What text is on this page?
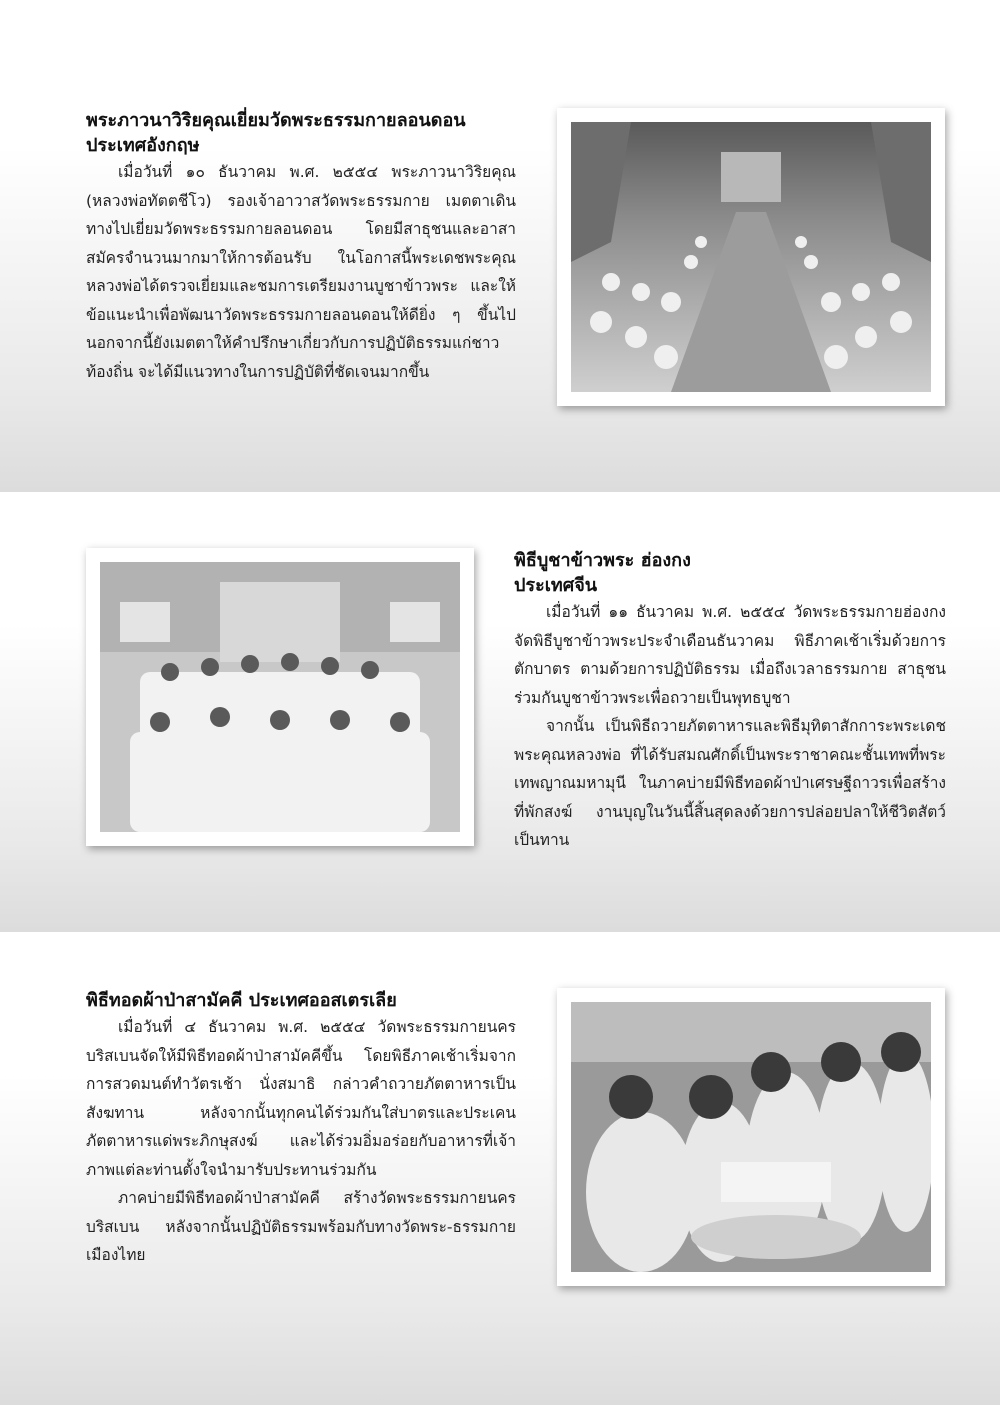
พระภาวนาวิริยคุณเยี่ยมวัดพระธรรมกายลอนดอน
ประเทศอังกฤษ

เมื่อวันที่ ๑๐ ธันวาคม พ.ศ. ๒๕๕๔ พระภาวนาวิริยคุณ (หลวงพ่อทัตตชีโว) รองเจ้าอาวาสวัดพระธรรมกาย เมตตาเดินทางไปเยี่ยมวัดพระธรรมกายลอนดอน โดยมีสาธุชนและอาสาสมัครจำนวนมากมาให้การต้อนรับ ในโอกาสนี้พระเดชพระคุณหลวงพ่อได้ตรวจเยี่ยมและชมการเตรียมงานบูชาข้าวพระ และให้ข้อแนะนำเพื่อพัฒนาวัดพระธรรมกายลอนดอนให้ดียิ่ง ๆ ขึ้นไป นอกจากนี้ยังเมตตาให้คำปรึกษาเกี่ยวกับการปฏิบัติธรรมแก่ชาวท้องถิ่น จะได้มีแนวทางในการปฏิบัติที่ชัดเจนมากขึ้น

พิธีบูชาข้าวพระ ฮ่องกง
ประเทศจีน

เมื่อวันที่ ๑๑ ธันวาคม พ.ศ. ๒๕๕๔ วัดพระธรรมกายฮ่องกง จัดพิธีบูชาข้าวพระประจำเดือนธันวาคม พิธีภาคเช้าเริ่มด้วยการตักบาตร ตามด้วยการปฏิบัติธรรม เมื่อถึงเวลาธรรมกาย สาธุชนร่วมกันบูชาข้าวพระเพื่อถวายเป็นพุทธบูชา

จากนั้น เป็นพิธีถวายภัตตาหารและพิธีมุทิตาสักการะพระเดชพระคุณหลวงพ่อ ที่ได้รับสมณศักดิ์เป็นพระราชาคณะชั้นเทพที่พระเทพญาณมหามุนี ในภาคบ่ายมีพิธีทอดผ้าป่าเศรษฐีถาวรเพื่อสร้างที่พักสงฆ์ งานบุญในวันนี้สิ้นสุดลงด้วยการปล่อยปลาให้ชีวิตสัตว์เป็นทาน

พิธีทอดผ้าป่าสามัคคี ประเทศออสเตรเลีย

เมื่อวันที่ ๔ ธันวาคม พ.ศ. ๒๕๕๔ วัดพระธรรมกายนครบริสเบนจัดให้มีพิธีทอดผ้าป่าสามัคคีขึ้น โดยพิธีภาคเช้าเริ่มจากการสวดมนต์ทำวัตรเช้า นั่งสมาธิ กล่าวคำถวายภัตตาหารเป็นสังฆทาน หลังจากนั้นทุกคนได้ร่วมกันใส่บาตรและประเคนภัตตาหารแด่พระภิกษุสงฆ์ และได้ร่วมอิ่มอร่อยกับอาหารที่เจ้าภาพแต่ละท่านตั้งใจนำมารับประทานร่วมกัน

ภาคบ่ายมีพิธีทอดผ้าป่าสามัคคี สร้างวัดพระธรรมกายนครบริสเบน หลังจากนั้นปฏิบัติธรรมพร้อมกับทางวัดพระ-ธรรมกายเมืองไทย
